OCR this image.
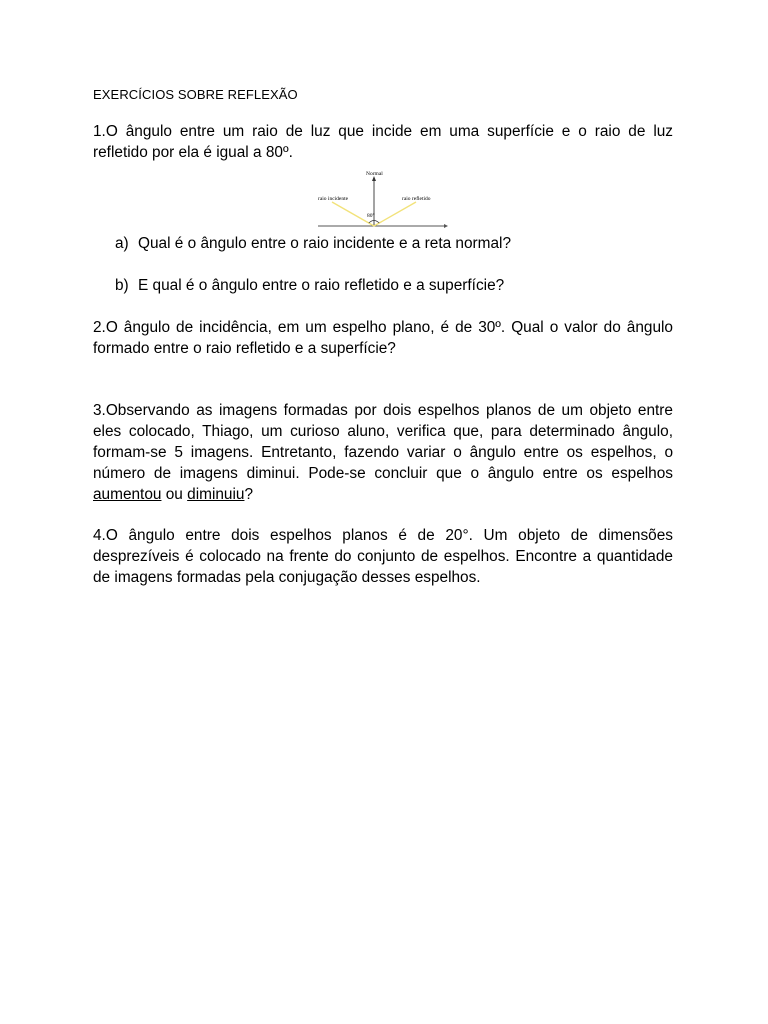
EXERCÍCIOS SOBRE REFLEXÃO

1.O ângulo entre um raio de luz que incide em uma superfície e o raio de luz refletido por ela é igual a 80º.

Normal
raio incidente	raio refletido
80°
a) Qual é o ângulo entre o raio incidente e a reta normal?
b) E qual é o ângulo entre o raio refletido e a superfície?

2.O ângulo de incidência, em um espelho plano, é de 30º. Qual o valor do ângulo formado entre o raio refletido e a superfície?

3.Observando as imagens formadas por dois espelhos planos de um objeto entre eles colocado, Thiago, um curioso aluno, verifica que, para determinado ângulo, formam-se 5 imagens. Entretanto, fazendo variar o ângulo entre os espelhos, o número de imagens diminui. Pode-se concluir que o ângulo entre os espelhos aumentou ou diminuiu?

4.O ângulo entre dois espelhos planos é de 20°. Um objeto de dimensões desprezíveis é colocado na frente do conjunto de espelhos. Encontre a quantidade de imagens formadas pela conjugação desses espelhos.
